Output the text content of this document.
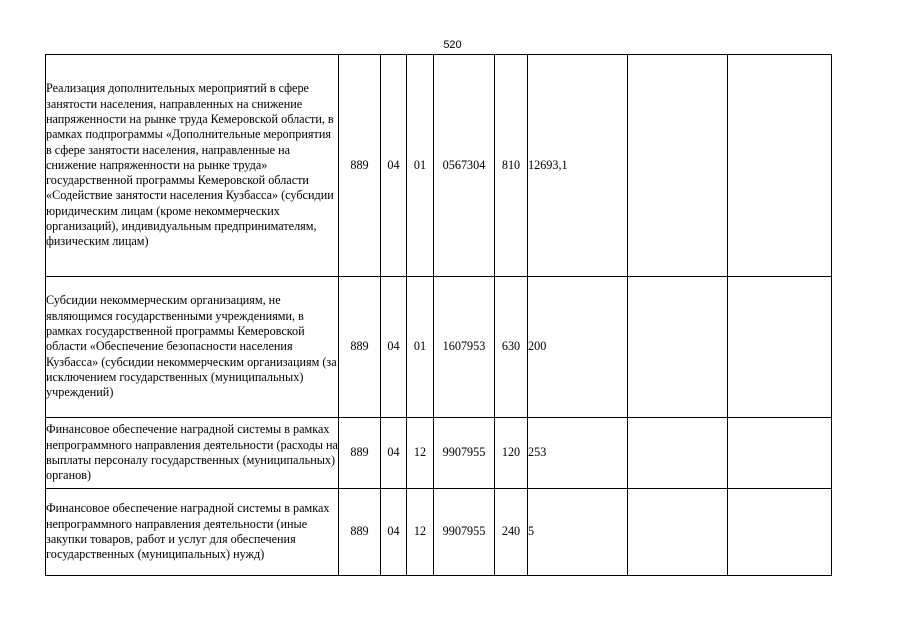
520
Реализация дополнительных мероприятий в сфере занятости населения, направленных на снижение напряженности на рынке труда Кемеровской области, в рамках подпрограммы «Дополнительные мероприятия в сфере занятости населения, направленные на снижение напряженности на рынке труда» государственной программы Кемеровской области «Содействие занятости населения Кузбасса» (субсидии юридическим лицам (кроме некоммерческих организаций), индивидуальным предпринимателям, физическим лицам)	889	04	01	0567304	810	12693,1		
Субсидии некоммерческим организациям, не являющимся государственными учреждениями, в рамках государственной программы Кемеровской области «Обеспечение безопасности населения Кузбасса» (субсидии некоммерческим организациям (за исключением государственных (муниципальных) учреждений)	889	04	01	1607953	630	200		
Финансовое обеспечение наградной системы в рамках непрограммного направления деятельности (расходы на выплаты персоналу государственных (муниципальных) органов)	889	04	12	9907955	120	253		
Финансовое обеспечение наградной системы в рамках непрограммного направления деятельности (иные закупки товаров, работ и услуг для обеспечения государственных (муниципальных) нужд)	889	04	12	9907955	240	5		
